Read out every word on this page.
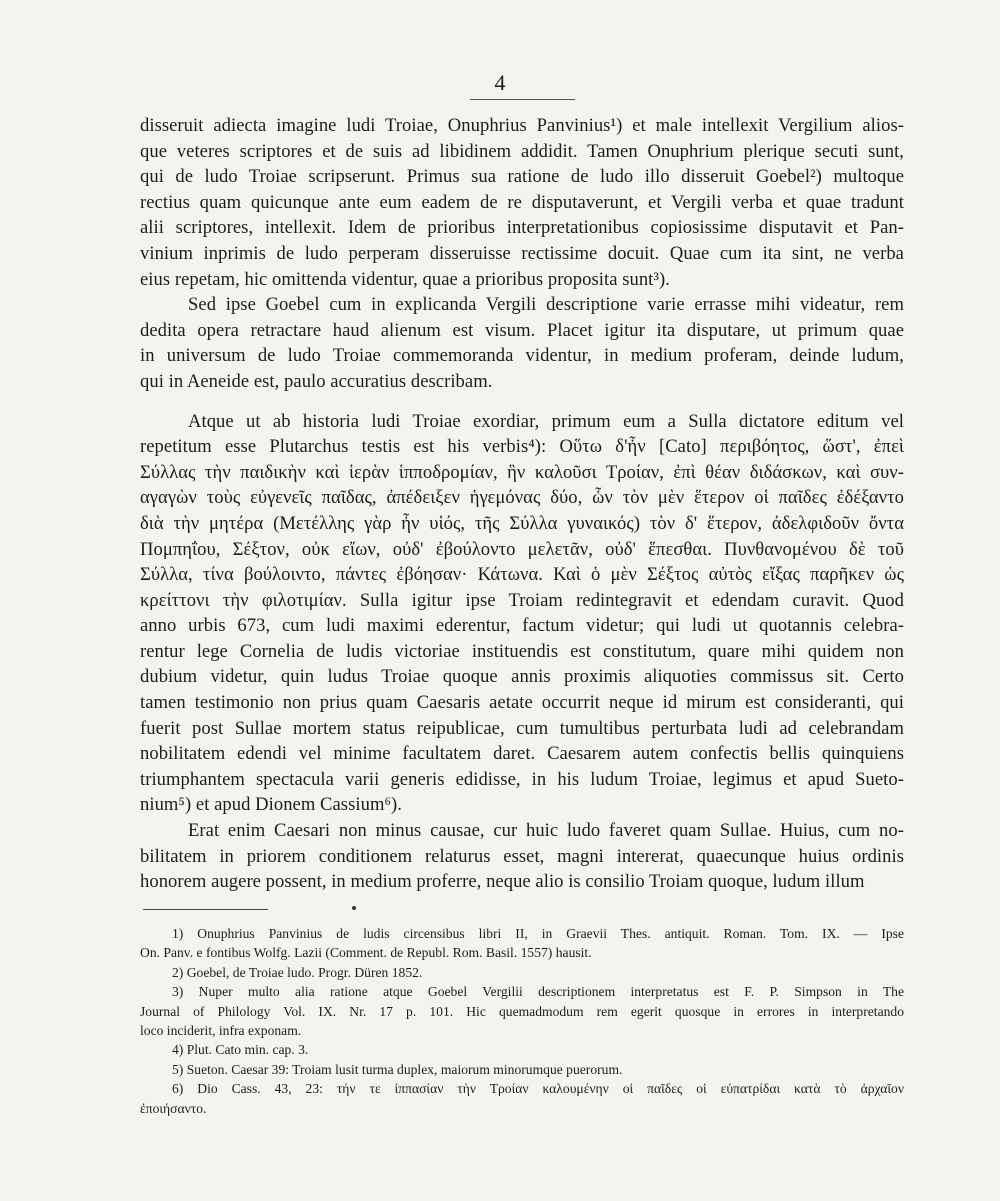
4
disseruit adiecta imagine ludi Troiae, Onuphrius Panvinius¹) et male intellexit Vergilium alios-
que veteres scriptores et de suis ad libidinem addidit. Tamen Onuphrium plerique secuti sunt,
qui de ludo Troiae scripserunt. Primus sua ratione de ludo illo disseruit Goebel²) multoque
rectius quam quicunque ante eum eadem de re disputaverunt, et Vergili verba et quae tradunt
alii scriptores, intellexit. Idem de prioribus interpretationibus copiosissime disputavit et Pan-
vinium inprimis de ludo perperam disseruisse rectissime docuit. Quae cum ita sint, ne verba
eius repetam, hic omittenda videntur, quae a prioribus proposita sunt³).
Sed ipse Goebel cum in explicanda Vergili descriptione varie errasse mihi videatur, rem
dedita opera retractare haud alienum est visum. Placet igitur ita disputare, ut primum quae
in universum de ludo Troiae commemoranda videntur, in medium proferam, deinde ludum,
qui in Aeneide est, paulo accuratius describam.
Atque ut ab historia ludi Troiae exordiar, primum eum a Sulla dictatore editum vel
repetitum esse Plutarchus testis est his verbis⁴): Οὕτω δ'ἦν [Cato] περιβόητος, ὥστ', ἐπεὶ
Σύλλας τὴν παιδικὴν καὶ ἱερὰν ἱπποδρομίαν, ἣν καλοῦσι Τροίαν, ἐπὶ θέαν διδάσκων, καὶ συν-
αγαγὼν τοὺς εὐγενεῖς παῖδας, ἀπέδειξεν ἡγεμόνας δύο, ὧν τὸν μὲν ἕτερον οἱ παῖδες ἐδέξαντο
διὰ τὴν μητέρα (Μετέλλης γὰρ ἦν υἱός, τῆς Σύλλα γυναικός) τὸν δ' ἕτερον, ἀδελφιδοῦν ὄντα
Πομπηΐου, Σέξτον, οὐκ εἴων, οὐδ' ἐβούλοντο μελετᾶν, οὐδ' ἕπεσθαι. Πυνθανομένου δὲ τοῦ
Σύλλα, τίνα βούλοιντο, πάντες ἐβόησαν· Κάτωνα. Καὶ ὁ μὲν Σέξτος αὐτὸς εἴξας παρῆκεν ὡς
κρείττονι τὴν φιλοτιμίαν. Sulla igitur ipse Troiam redintegravit et edendam curavit. Quod
anno urbis 673, cum ludi maximi ederentur, factum videtur; qui ludi ut quotannis celebra-
rentur lege Cornelia de ludis victoriae instituendis est constitutum, quare mihi quidem non
dubium videtur, quin ludus Troiae quoque annis proximis aliquoties commissus sit. Certo
tamen testimonio non prius quam Caesaris aetate occurrit neque id mirum est consideranti, qui
fuerit post Sullae mortem status reipublicae, cum tumultibus perturbata ludi ad celebrandam
nobilitatem edendi vel minime facultatem daret. Caesarem autem confectis bellis quinquiens
triumphantem spectacula varii generis edidisse, in his ludum Troiae, legimus et apud Sueto-
nium⁵) et apud Dionem Cassium⁶).
Erat enim Caesari non minus causae, cur huic ludo faveret quam Sullae. Huius, cum no-
bilitatem in priorem conditionem relaturus esset, magni intererat, quaecunque huius ordinis
honorem augere possent, in medium proferre, neque alio is consilio Troiam quoque, ludum illum
1) Onuphrius Panvinius de ludis circensibus libri II, in Graevii Thes. antiquit. Roman. Tom. IX. — Ipse
On. Panv. e fontibus Wolfg. Lazii (Comment. de Republ. Rom. Basil. 1557) hausit.
2) Goebel, de Troiae ludo. Progr. Düren 1852.
3) Nuper multo alia ratione atque Goebel Vergilii descriptionem interpretatus est F. P. Simpson in The
Journal of Philology Vol. IX. Nr. 17 p. 101. Hic quemadmodum rem egerit quosque in errores in interpretando
loco inciderit, infra exponam.
4) Plut. Cato min. cap. 3.
5) Sueton. Caesar 39: Troiam lusit turma duplex, maiorum minorumque puerorum.
6) Dio Cass. 43, 23: τήν τε ἱππασίαν τὴν Τροίαν καλουμένην οἱ παῖδες οἱ εὐπατρίδαι κατὰ τὸ ἀρχαῖον
ἐποιήσαντο.
